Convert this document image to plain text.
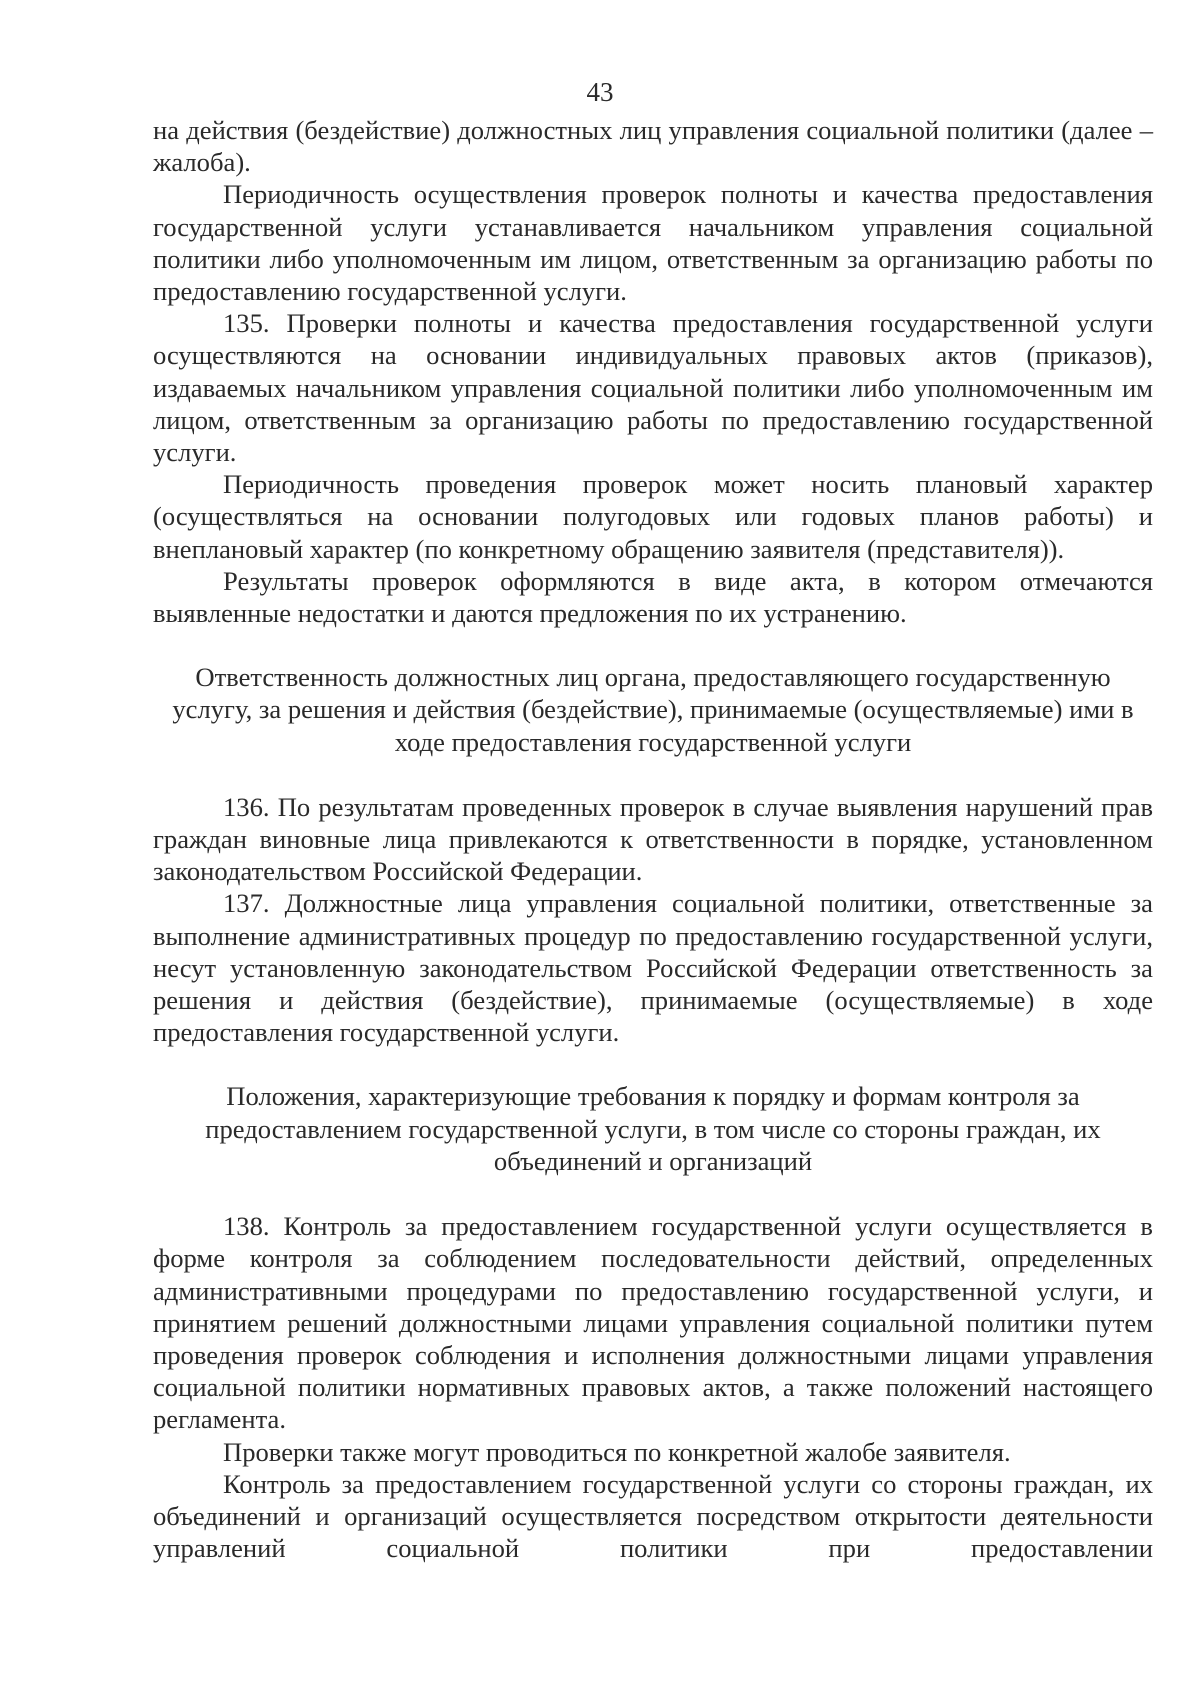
43

на действия (бездействие) должностных лиц управления социальной политики (далее – жалоба).

Периодичность осуществления проверок полноты и качества предоставления государственной услуги устанавливается начальником управления социальной политики либо уполномоченным им лицом, ответственным за организацию работы по предоставлению государственной услуги.

135. Проверки полноты и качества предоставления государственной услуги осуществляются на основании индивидуальных правовых актов (приказов), издаваемых начальником управления социальной политики либо уполномоченным им лицом, ответственным за организацию работы по предоставлению государственной услуги.

Периодичность проведения проверок может носить плановый характер (осуществляться на основании полугодовых или годовых планов работы) и внеплановый характер (по конкретному обращению заявителя (представителя)).

Результаты проверок оформляются в виде акта, в котором отмечаются выявленные недостатки и даются предложения по их устранению.

Ответственность должностных лиц органа, предоставляющего государственную услугу, за решения и действия (бездействие), принимаемые (осуществляемые) ими в ходе предоставления государственной услуги

136. По результатам проведенных проверок в случае выявления нарушений прав граждан виновные лица привлекаются к ответственности в порядке, установленном законодательством Российской Федерации.

137. Должностные лица управления социальной политики, ответственные за выполнение административных процедур по предоставлению государственной услуги, несут установленную законодательством Российской Федерации ответственность за решения и действия (бездействие), принимаемые (осуществляемые) в ходе предоставления государственной услуги.

Положения, характеризующие требования к порядку и формам контроля за предоставлением государственной услуги, в том числе со стороны граждан, их объединений и организаций

138. Контроль за предоставлением государственной услуги осуществляется в форме контроля за соблюдением последовательности действий, определенных административными процедурами по предоставлению государственной услуги, и принятием решений должностными лицами управления социальной политики путем проведения проверок соблюдения и исполнения должностными лицами управления социальной политики нормативных правовых актов, а также положений настоящего регламента.

Проверки также могут проводиться по конкретной жалобе заявителя.

Контроль за предоставлением государственной услуги со стороны граждан, их объединений и организаций осуществляется посредством открытости деятельности управлений социальной политики при предоставлении
